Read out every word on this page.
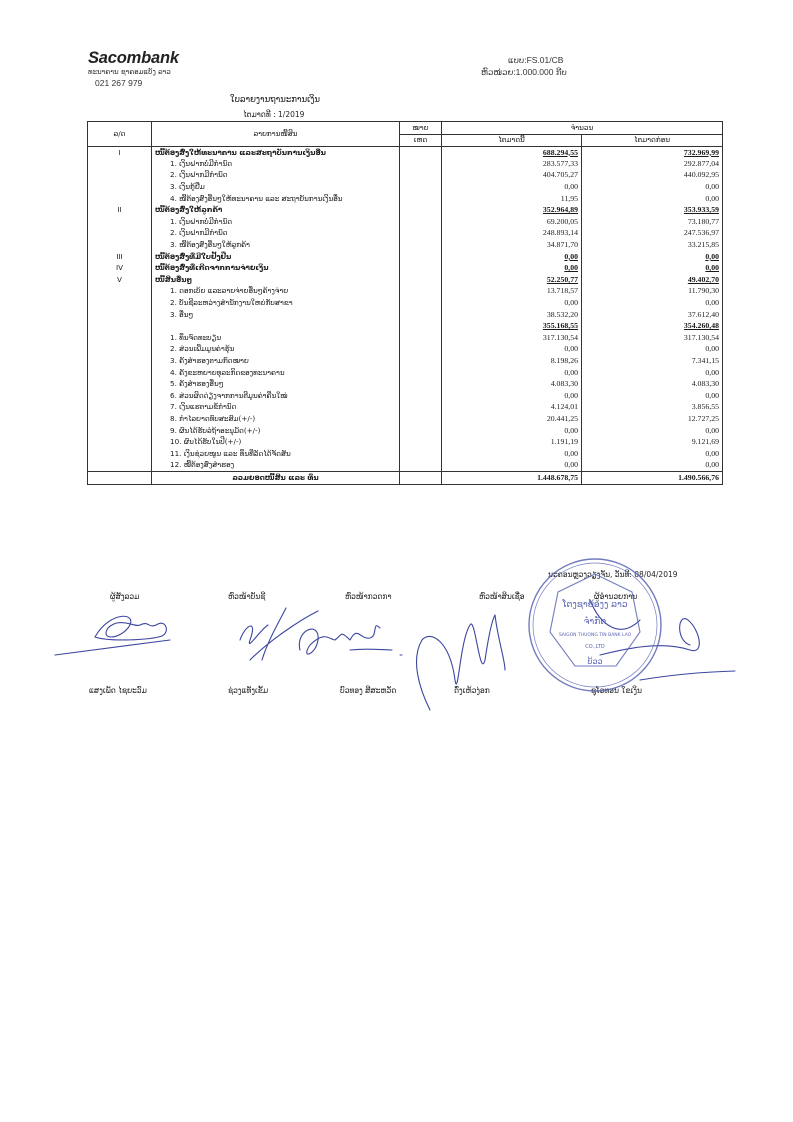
Sacombank
ທະນາຄານ ຊາຄອມແບັງ ລາວ
021 267 979
ແບບ:FS.01/CB
ຫົວໜ່ວຍ:1.000.000 ກີບ
ໃບລາຍງານຖານະການເງິນ
ໄຕມາດທີ : 1/2019
ລ/ດ	ລາຍການໜີ້ສິນ	ໝາຍ	ຈຳນວນ	
		ເຫດ	ໄຕມາດນີ້	ໄຕມາດກ່ອນ
I	ໜີ້ຕ້ອງສົ່ງໃຫ້ທະນາຄານ ແລະສະຖາບັນການເງິນອື່ນ		688.294,55	732.969,99
	1. ເງິນຝາກບໍ່ມີກຳນົດ		283.577,33	292.877,04
	2. ເງິນຝາກມີກຳນົດ		404.705,27	440.092,95
	3. ເງິນກູ້ຢືມ		0,00	0,00
	4. ໜີ້ຕ້ອງສົ່ງອື່ນໆໃຫ້ທະນາຄານ ແລະ ສະຖາບັນການເງິນອື່ນ		11,95	0,00
II	ໜີ້ຕ້ອງສົ່ງໃຫ້ລູກຄ້າ		352.964,89	353.933,59
	1. ເງິນຝາກບໍ່ມີກຳນົດ		69.200,05	73.180,77
	2. ເງິນຝາກມີກຳນົດ		248.893,14	247.536,97
	3. ໜີ້ຕ້ອງສົ່ງອື່ນໆໃຫ້ລູກຄ້າ		34.871,70	33.215,85
III	ໜີ້ຕ້ອງສົ່ງທີ່ມີໃບຢັ້ງຢືນ		0,00	0,00
IV	ໜີ້ຕ້ອງສົ່ງທີ່ເກີດຈາກການຈ່າຍເງິນ		0,00	0,00
V	ໜີ້ສິນອື່ນໆ		52.250,77	49.402,70
	1. ດອກເບ້ຍ ແລະລາຍຈ່າຍອື່ນໆຄ້າງຈ່າຍ		13.718,57	11.790,30
	2. ບັນຊີລະຫວ່າງສຳນັກງານໃຫຍ່ກັບສາຂາ		0,00	0,00
	3. ອື່ນໆ		38.532,20	37.612,40
			355.168,55	354.260,48
	1. ທຶນຈົດທະບຽນ		317.130,54	317.130,54
	2. ສ່ວນເພີ່ມມູນຄ່າຮຸ້ນ		0,00	0,00
	3. ຄັງສຳຮອງຕາມກົດໝາຍ		8.198,26	7.341,15
	4. ຄັງຂະຫຍາຍທຸລະກິດຂອງທະນາຄານ		0,00	0,00
	5. ຄັງສຳຮອງອື່ນໆ		4.083,30	4.083,30
	6. ສ່ວນຜິດດ່ຽງຈາກການຕີມູນຄ່າຄືນໃໝ່		0,00	0,00
	7. ເງິນແຮຕາມຂໍ້ກຳນົດ		4.124,01	3.856,55
	8. ກຳໄລຍາດທົບສະສົມ(+/-)		20.441,25	12.727,25
	9. ຜົນໄດ້ຮັບລໍຖ້າອະນຸມັດ(+/-)		0,00	0,00
	10. ຜົນໄດ້ຮັບໃນປີ(+/-)		1.191,19	9.121,69
	11. ເງິນຊ່ວຍໜູນ ແລະ ທຶນທີ່ລັດໄດ້ຈັດສັນ		0,00	0,00
	12. ໜີ້ຕ້ອງສົ່ງສຳຮອງ		0,00	0,00
	ລວມຍອດໜີ້ສິນ ແລະ ທຶນ		1.448.678,75	1.490.566,76
ນະຄອນຫຼວງວຽງຈັນ, ວັນທີ: 08/04/2019
ຜູ້ສັງລວມ	ຫົວໜ້າບັນຊີ	ຫົວໜ້າກວດກາ	ຫົວໜ້າສິນເຊື່ອ	ຜູ້ອຳນວຍການ
ແສງເພັດ ໄຊຍະວົມ	ຊ່ວງແທັງເຂັ້ມ	ບົວທອງ ສີສະຫວັດ	ດົ່ງເຫ້ວງ່ອກ	ຊຸໂວທອນ ໃຂເງິນ
ໂຕງຊາຍ້ອງງ ລາວ
ຈຳກັດ
SAIGON THUONG TIN BANK LAO
CO.,LTD
ບ້ວວ
